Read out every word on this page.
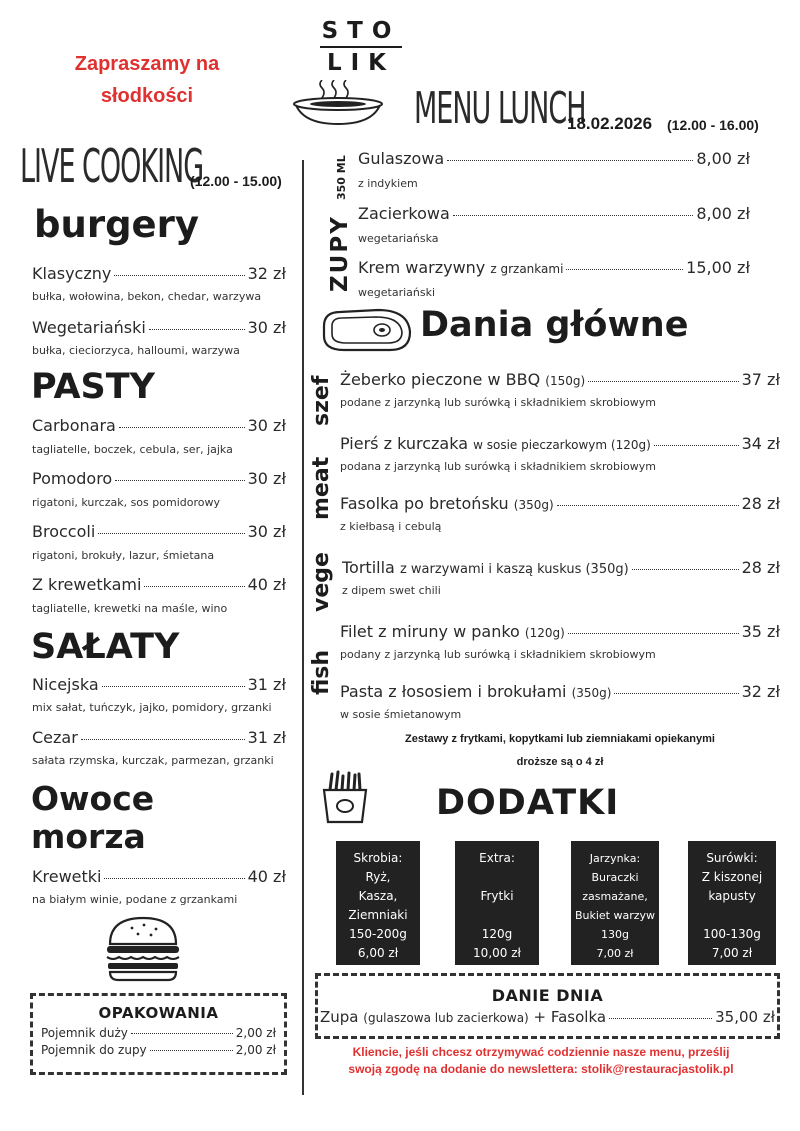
Zapraszamy na
słodkości
STO
LIK
MENU LUNCH
18.02.2026 (12.00 - 16.00)
LIVE COOKING
(12.00 - 15.00)
burgery
Klasyczny	32 zł
bułka, wołowina, bekon, chedar, warzywa
Wegetariański	30 zł
bułka, cieciorzyca, halloumi, warzywa
PASTY
Carbonara	30 zł
tagliatelle, boczek, cebula, ser, jajka
Pomodoro	30 zł
rigatoni, kurczak, sos pomidorowy
Broccoli	30 zł
rigatoni, brokuły, lazur, śmietana
Z krewetkami	40 zł
tagliatelle, krewetki na maśle, wino
SAŁATY
Nicejska	31 zł
mix sałat, tuńczyk, jajko, pomidory, grzanki
Cezar	31 zł
sałata rzymska, kurczak, parmezan, grzanki
Owoce
morza
Krewetki	40 zł
na białym winie, podane z grzankami
OPAKOWANIA
Pojemnik duży	2,00 zł
Pojemnik do zupy	2,00 zł
ZUPY
350 ML Gulaszowa	8,00 zł
z indykiem
Zacierkowa	8,00 zł
wegetariańska
Krem warzywny
z grzankami	15,00 zł
wegetariański
Dania główne
szef
meat
vege
fish
Żeberko pieczone w BBQ
(150g)	37 zł
podane z jarzynką lub surówką i składnikiem skrobiowym
Pierś z kurczaka
w sosie pieczarkowym (120g)	34 zł
podana z jarzynką lub surówką i składnikiem skrobiowym
Fasolka po bretońsku
(350g)	28 zł
z kiełbasą i cebulą
Tortilla
z warzywami i kaszą kuskus (350g)	28 zł
z dipem swet chili
Filet z miruny w panko
(120g)	35 zł
podany z jarzynką lub surówką i składnikiem skrobiowym
Pasta z łososiem i brokułami
(350g)	32 zł
w sosie śmietanowym
Zestawy z frytkami, kopytkami lub ziemniakami opiekanymi
droższe są o 4 zł
DODATKI
Skrobia:
Ryż,
Kasza,
Ziemniaki
150-200g
6,00 zł
Extra:
Frytki
120g
10,00 zł
Jarzynka:
Buraczki
zasmażane,
Bukiet warzyw
130g
7,00 zł
Surówki:
Z kiszonej
kapusty
100-130g
7,00 zł
DANIE DNIA
Zupa
(gulaszowa lub zacierkowa)
+ Fasolka	35,00 zł
Kliencie, jeśli chcesz otrzymywać codziennie nasze menu, prześlij
swoją zgodę na dodanie do newslettera: stolik@restauracjastolik.pl
